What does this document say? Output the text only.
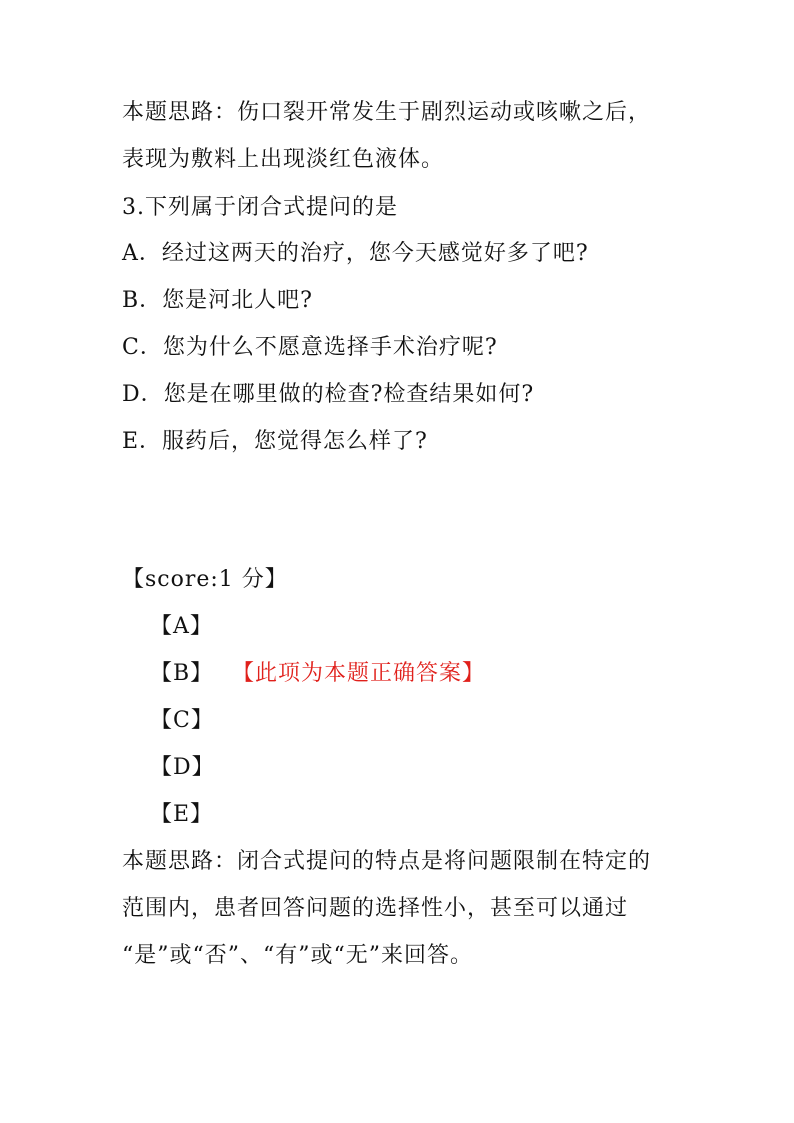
本题思路：伤口裂开常发生于剧烈运动或咳嗽之后，
表现为敷料上出现淡红色液体。
3.下列属于闭合式提问的是
A．经过这两天的治疗，您今天感觉好多了吧?
B．您是河北人吧?
C．您为什么不愿意选择手术治疗呢?
D．您是在哪里做的检查?检查结果如何?
E．服药后，您觉得怎么样了?
【score:1 分】
【A】
【B】 【此项为本题正确答案】
【C】
【D】
【E】
本题思路：闭合式提问的特点是将问题限制在特定的
范围内，患者回答问题的选择性小，甚至可以通过
“是”或“否”、“有”或“无”来回答。
